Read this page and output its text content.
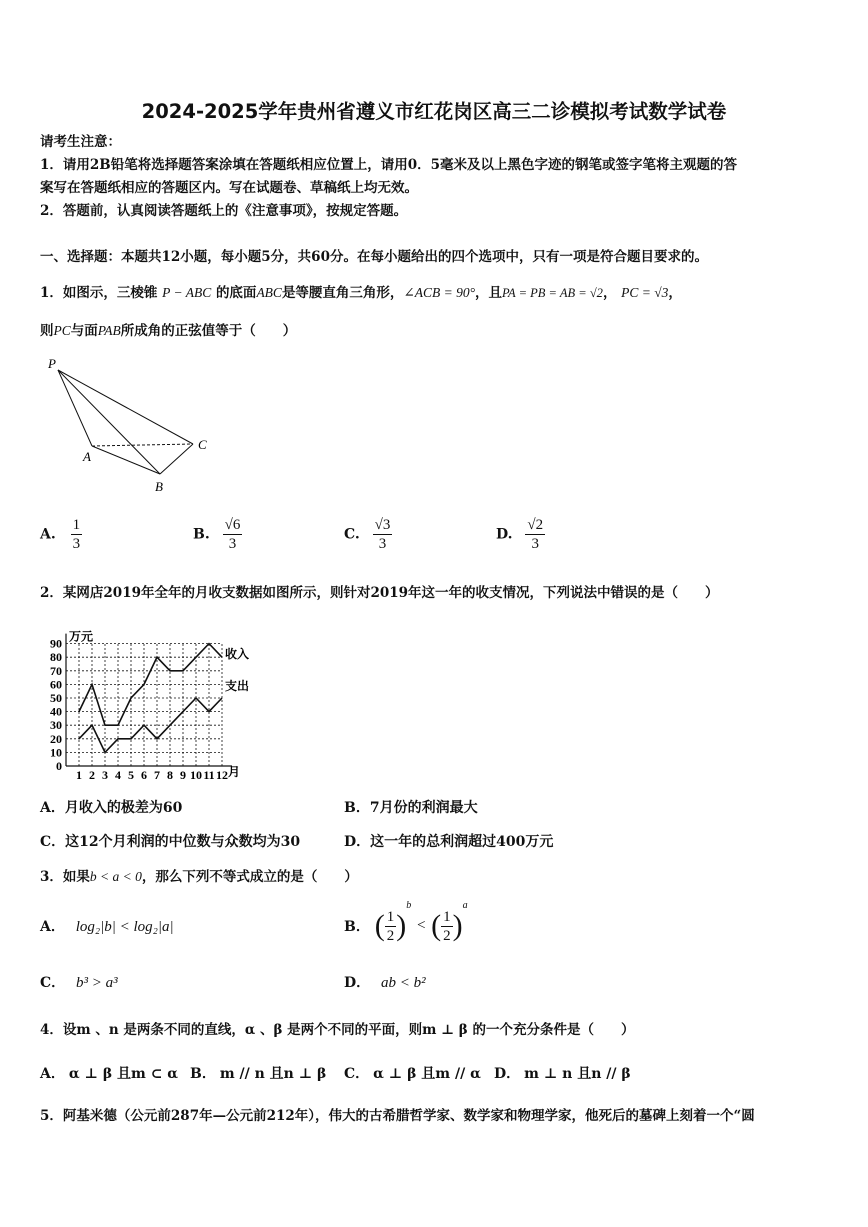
2024-2025学年贵州省遵义市红花岗区高三二诊模拟考试数学试卷
请考生注意：
1．请用2B铅笔将选择题答案涂填在答题纸相应位置上，请用0．5毫米及以上黑色字迹的钢笔或签字笔将主观题的答
案写在答题纸相应的答题区内。写在试题卷、草稿纸上均无效。
2．答题前，认真阅读答题纸上的《注意事项》，按规定答题。
一、选择题：本题共12小题，每小题5分，共60分。在每小题给出的四个选项中，只有一项是符合题目要求的。
1．如图示，三棱锥 P − ABC 的底面ABC是等腰直角三角形，∠ACB = 90°，且PA = PB = AB = √2， PC = √3，
则PC与面PAB所成角的正弦值等于（　　）
P
A
B
C
A. $\frac{1}{3}$	B. $\frac{√6}{3}$	C. $\frac{√3}{3}$	D. $\frac{√2}{3}$
2．某网店2019年全年的月收支数据如图所示，则针对2019年这一年的收支情况，下列说法中错误的是（　　）
0
10
20
30
40
50
60
70
80
90
1 2 3 4 5 6 7 8 9 10 11 12
万元
月
收入
支出
A．月收入的极差为60	B．7月份的利润最大
C．这12个月利润的中位数与众数均为30	D．这一年的总利润超过400万元
3．如果b < a < 0，那么下列不等式成立的是（　　）
A． log₂|b| < log₂|a|	B． ( $\frac{1}{2} )^b$ < ( $\frac{1}{2} )^a$
C． b³ > a³	D． ab < b²
4．设m 、n 是两条不同的直线，α 、β 是两个不同的平面，则m ⊥ β 的一个充分条件是（　　）
A． α ⊥ β 且m ⊂ α B． m // n 且n ⊥ β C． α ⊥ β 且m // α D． m ⊥ n 且n // β
5．阿基米德（公元前287年—公元前212年），伟大的古希腊哲学家、数学家和物理学家，他死后的墓碑上刻着一个“圆
